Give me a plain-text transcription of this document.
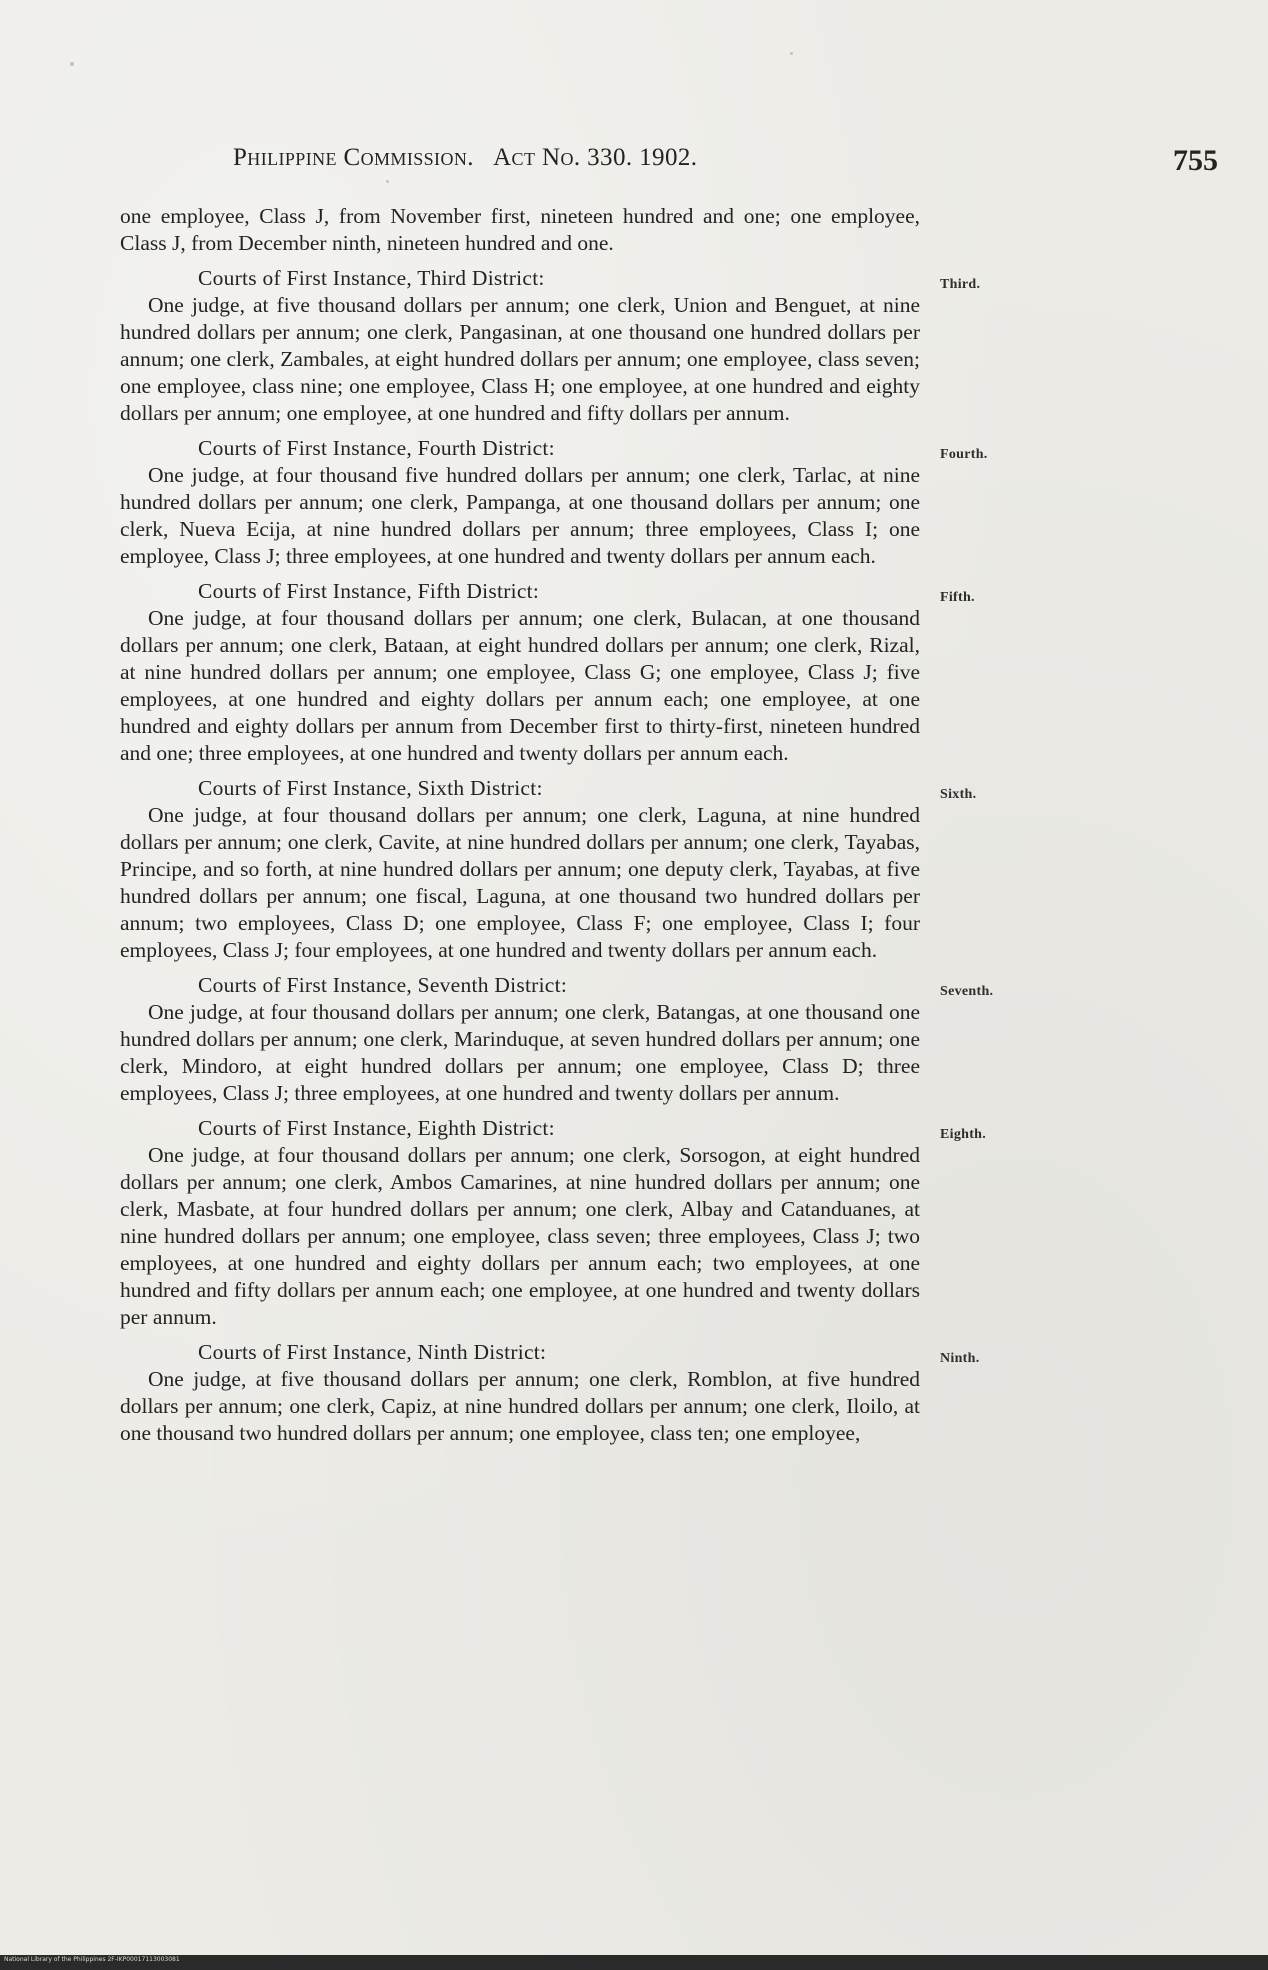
Philippine Commission. Act No. 330. 1902.	755

one employee, Class J, from November first, nineteen hundred and one; one employee, Class J, from December ninth, nineteen hundred and one.

Courts of First Instance, Third District:	Third.

One judge, at five thousand dollars per annum; one clerk, Union and Benguet, at nine hundred dollars per annum; one clerk, Pangasinan, at one thousand one hundred dollars per annum; one clerk, Zambales, at eight hundred dollars per annum; one employee, class seven; one employee, class nine; one employee, Class H; one employee, at one hundred and eighty dollars per annum; one employee, at one hundred and fifty dollars per annum.

Courts of First Instance, Fourth District:	Fourth.

One judge, at four thousand five hundred dollars per annum; one clerk, Tarlac, at nine hundred dollars per annum; one clerk, Pampanga, at one thousand dollars per annum; one clerk, Nueva Ecija, at nine hundred dollars per annum; three employees, Class I; one employee, Class J; three employees, at one hundred and twenty dollars per annum each.

Courts of First Instance, Fifth District:	Fifth.

One judge, at four thousand dollars per annum; one clerk, Bulacan, at one thousand dollars per annum; one clerk, Bataan, at eight hundred dollars per annum; one clerk, Rizal, at nine hundred dollars per annum; one employee, Class G; one employee, Class J; five employees, at one hundred and eighty dollars per annum each; one employee, at one hundred and eighty dollars per annum from December first to thirty-first, nineteen hundred and one; three employees, at one hundred and twenty dollars per annum each.

Courts of First Instance, Sixth District:	Sixth.

One judge, at four thousand dollars per annum; one clerk, Laguna, at nine hundred dollars per annum; one clerk, Cavite, at nine hundred dollars per annum; one clerk, Tayabas, Principe, and so forth, at nine hundred dollars per annum; one deputy clerk, Tayabas, at five hundred dollars per annum; one fiscal, Laguna, at one thousand two hundred dollars per annum; two employees, Class D; one employee, Class F; one employee, Class I; four employees, Class J; four employees, at one hundred and twenty dollars per annum each.

Courts of First Instance, Seventh District:	Seventh.

One judge, at four thousand dollars per annum; one clerk, Batangas, at one thousand one hundred dollars per annum; one clerk, Marinduque, at seven hundred dollars per annum; one clerk, Mindoro, at eight hundred dollars per annum; one employee, Class D; three employees, Class J; three employees, at one hundred and twenty dollars per annum.

Courts of First Instance, Eighth District:	Eighth.

One judge, at four thousand dollars per annum; one clerk, Sorsogon, at eight hundred dollars per annum; one clerk, Ambos Camarines, at nine hundred dollars per annum; one clerk, Masbate, at four hundred dollars per annum; one clerk, Albay and Catanduanes, at nine hundred dollars per annum; one employee, class seven; three employees, Class J; two employees, at one hundred and eighty dollars per annum each; two employees, at one hundred and fifty dollars per annum each; one employee, at one hundred and twenty dollars per annum.

Courts of First Instance, Ninth District:	Ninth.

One judge, at five thousand dollars per annum; one clerk, Romblon, at five hundred dollars per annum; one clerk, Capiz, at nine hundred dollars per annum; one clerk, Iloilo, at one thousand two hundred dollars per annum; one employee, class ten; one employee,

National Library of the Philippines 2F-IKP00017113003081
